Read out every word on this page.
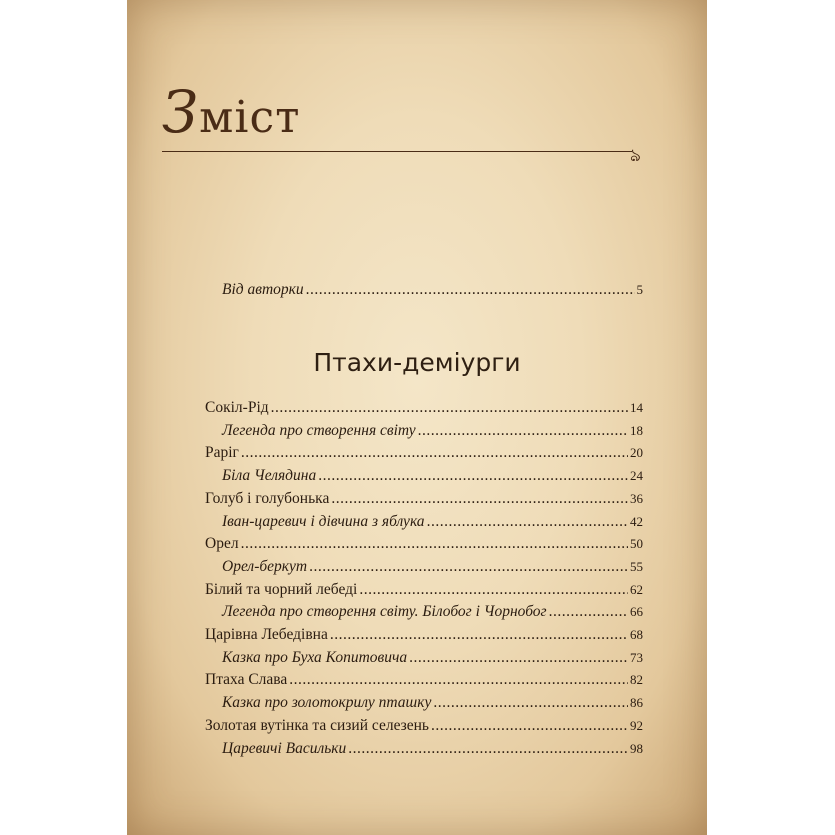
Зміст
ঌ
Від авторки .....	5
Птахи-деміурги
Сокіл-Рід .....	14
Легенда про створення світу .....	18
Раріг .....	20
Біла Челядина .....	24
Голуб і голубонька .....	36
Іван-царевич і дівчина з яблука .....	42
Орел .....	50
Орел-беркут .....	55
Білий та чорний лебеді .....	62
Легенда про створення світу. Білобог і Чорнобог .....	66
Царівна Лебедівна .....	68
Казка про Буха Копитовича .....	73
Птаха Слава .....	82
Казка про золотокрилу пташку .....	86
Золотая вутінка та сизий селезень .....	92
Царевичі Васильки .....	98
